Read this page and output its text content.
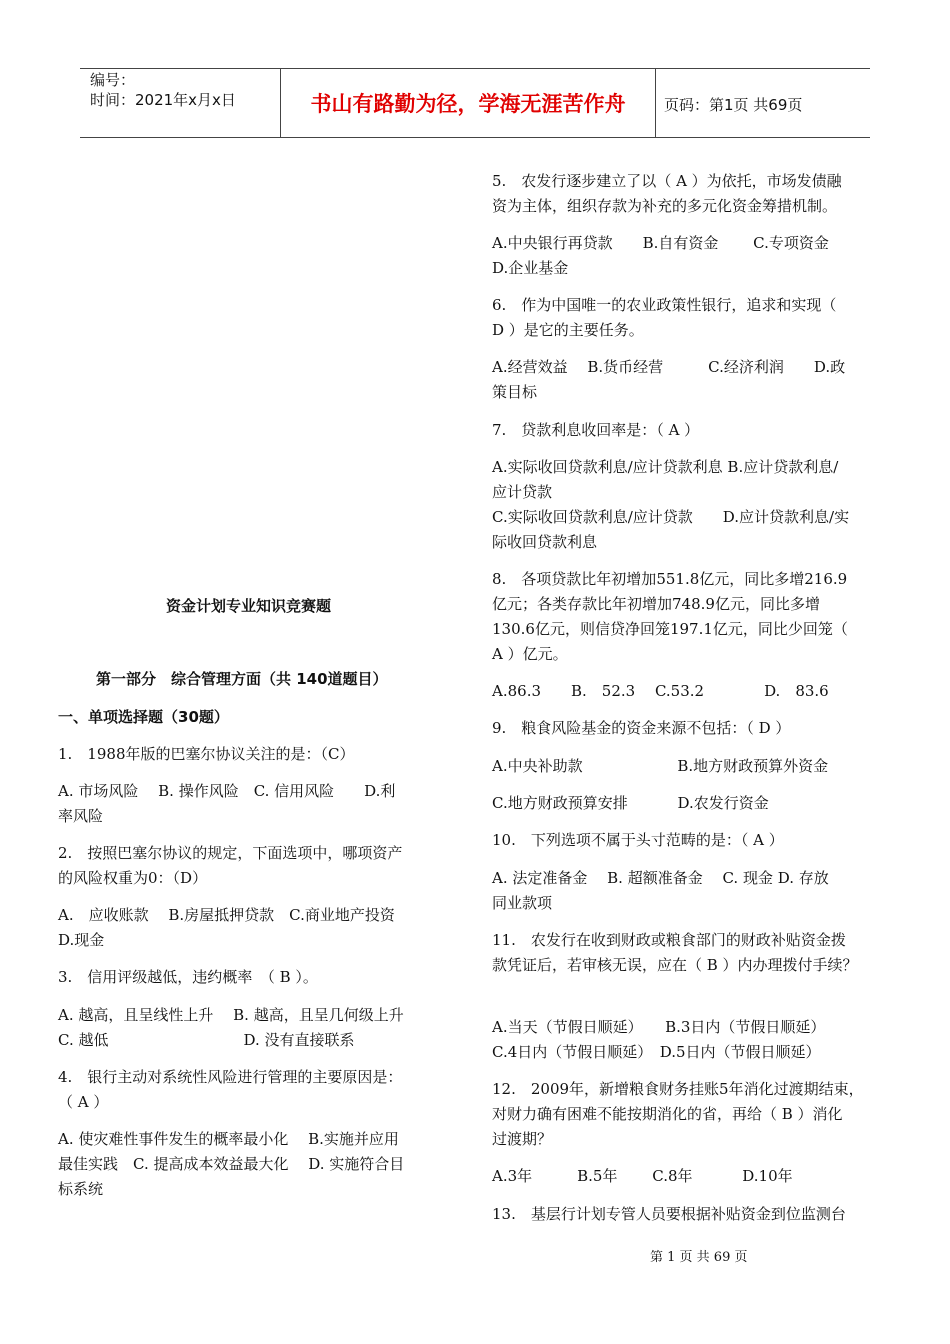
编号：
时间：2021年x月x日	书山有路勤为径，学海无涯苦作舟	页码：第1页 共69页

资金计划专业知识竞赛题

第一部分　综合管理方面（共 140道题目）

一、单项选择题（30题）

1.　1988年版的巴塞尔协议关注的是：（C）

A. 市场风险　 B. 操作风险　C. 信用风险　　D.利

率风险

2.　按照巴塞尔协议的规定，下面选项中，哪项资产

的风险权重为0：（D）

A.　应收账款　 B.房屋抵押贷款　C.商业地产投资

D.现金

3.　信用评级越低，违约概率　（ B ）。

A. 越高，且呈线性上升　 B. 越高，且呈几何级上升

C. 越低　　　　　　　　　D. 没有直接联系

4.　银行主动对系统性风险进行管理的主要原因是：

（ A ）

A. 使灾难性事件发生的概率最小化　 B.实施并应用

最佳实践　C. 提高成本效益最大化　 D. 实施符合目

标系统

5.　农发行逐步建立了以（ A ）为依托，市场发债融

资为主体，组织存款为补充的多元化资金筹措机制。

A.中央银行再贷款　　B.自有资金　　 C.专项资金

D.企业基金

6.　作为中国唯一的农业政策性银行，追求和实现（

D ）是它的主要任务。

A.经营效益　 B.货币经营　　　C.经济利润　　D.政

策目标

7.　贷款利息收回率是：（ A ）

A.实际收回贷款利息/应计贷款利息 B.应计贷款利息/

应计贷款

C.实际收回贷款利息/应计贷款　　D.应计贷款利息/实

际收回贷款利息

8.　各项贷款比年初增加551.8亿元，同比多增216.9

亿元；各类存款比年初增加748.9亿元，同比多增

130.6亿元，则信贷净回笼197.1亿元，同比少回笼（

A ）亿元。

A.86.3　　B.　52.3　 C.53.2　　　　D.　83.6

9.　粮食风险基金的资金来源不包括：（ D ）

A.中央补助款　　　　　　 B.地方财政预算外资金

C.地方财政预算安排　　　 D.农发行资金

10.　下列选项不属于头寸范畴的是：（ A ）

A. 法定准备金　 B. 超额准备金　 C. 现金 D. 存放

同业款项

11.　农发行在收到财政或粮食部门的财政补贴资金拨

款凭证后，若审核无误，应在（ B ）内办理拨付手续？

A.当天（节假日顺延）　　B.3日内（节假日顺延）

C.4日内（节假日顺延）　D.5日内（节假日顺延）

12.　2009年，新增粮食财务挂账5年消化过渡期结束，

对财力确有困难不能按期消化的省，再给（ B ）消化

过渡期？

A.3年　　　B.5年　　 C.8年　　　 D.10年

13.　基层行计划专管人员要根据补贴资金到位监测台

第 1 页 共 69 页
